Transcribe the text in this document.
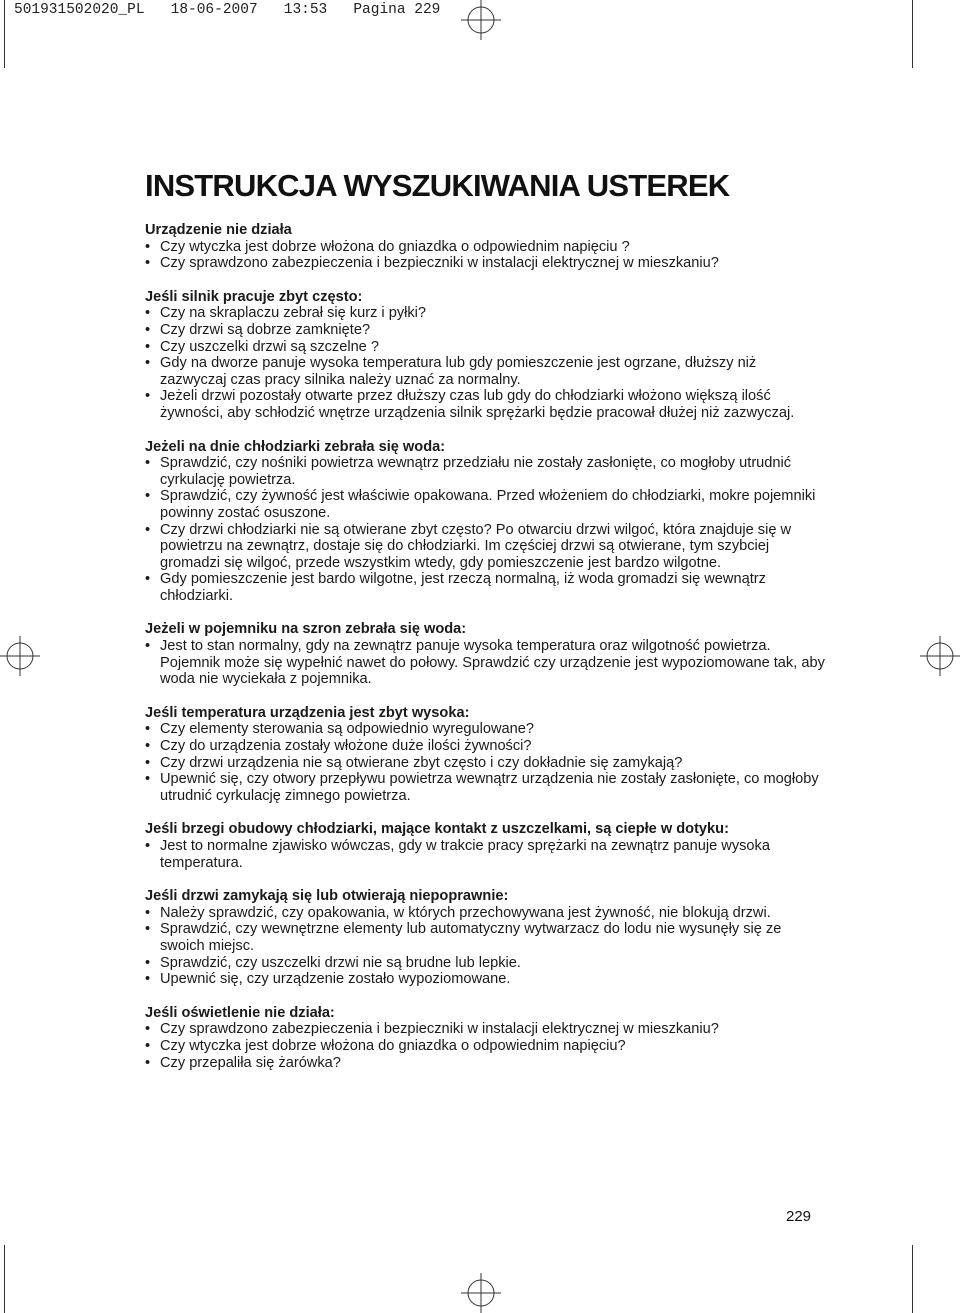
501931502020_PL   18-06-2007   13:53   Pagina 229
INSTRUKCJA WYSZUKIWANIA USTEREK

Urządzenie nie działa

• Czy wtyczka jest dobrze włożona do gniazdka o odpowiednim napięciu ?
• Czy sprawdzono zabezpieczenia i bezpieczniki w instalacji elektrycznej w mieszkaniu?

Jeśli silnik pracuje zbyt często:

• Czy na skraplaczu zebrał się kurz i pyłki?
• Czy drzwi są dobrze zamknięte?
• Czy uszczelki drzwi są szczelne ?
• Gdy na dworze panuje wysoka temperatura lub gdy pomieszczenie jest ogrzane, dłuższy niż zazwyczaj czas pracy silnika należy uznać za normalny.
• Jeżeli drzwi pozostały otwarte przez dłuższy czas lub gdy do chłodziarki włożono większą ilość żywności, aby schłodzić wnętrze urządzenia silnik sprężarki będzie pracował dłużej niż zazwyczaj.

Jeżeli na dnie chłodziarki zebrała się woda:

• Sprawdzić, czy nośniki powietrza wewnątrz przedziału nie zostały zasłonięte, co mogłoby utrudnić cyrkulację powietrza.
• Sprawdzić, czy żywność jest właściwie opakowana. Przed włożeniem do chłodziarki, mokre pojemniki powinny zostać osuszone.
• Czy drzwi chłodziarki nie są otwierane zbyt często? Po otwarciu drzwi wilgoć, która znajduje się w powietrzu na zewnątrz, dostaje się do chłodziarki. Im częściej drzwi są otwierane, tym szybciej gromadzi się wilgoć, przede wszystkim wtedy, gdy pomieszczenie jest bardzo wilgotne.
• Gdy pomieszczenie jest bardo wilgotne, jest rzeczą normalną, iż woda gromadzi się wewnątrz chłodziarki.

Jeżeli w pojemniku na szron zebrała się woda:

• Jest to stan normalny, gdy na zewnątrz panuje wysoka temperatura oraz wilgotność powietrza. Pojemnik może się wypełnić nawet do połowy. Sprawdzić czy urządzenie jest wypoziomowane tak, aby woda nie wyciekała z pojemnika.

Jeśli temperatura urządzenia jest zbyt wysoka:

• Czy elementy sterowania są odpowiednio wyregulowane?
• Czy do urządzenia zostały włożone duże ilości żywności?
• Czy drzwi urządzenia nie są otwierane zbyt często i czy dokładnie się zamykają?
• Upewnić się, czy otwory przepływu powietrza wewnątrz urządzenia nie zostały zasłonięte, co mogłoby utrudnić cyrkulację zimnego powietrza.

Jeśli brzegi obudowy chłodziarki, mające kontakt z uszczelkami, są ciepłe w dotyku:

• Jest to normalne zjawisko wówczas, gdy w trakcie pracy sprężarki na zewnątrz panuje wysoka temperatura.

Jeśli drzwi zamykają się lub otwierają niepoprawnie:

• Należy sprawdzić, czy opakowania, w których przechowywana jest żywność, nie blokują drzwi.
• Sprawdzić, czy wewnętrzne elementy lub automatyczny wytwarzacz do lodu nie wysunęły się ze swoich miejsc.
• Sprawdzić, czy uszczelki drzwi nie są brudne lub lepkie.
• Upewnić się, czy urządzenie zostało wypoziomowane.

Jeśli oświetlenie nie działa:

• Czy sprawdzono zabezpieczenia i bezpieczniki w instalacji elektrycznej w mieszkaniu?
• Czy wtyczka jest dobrze włożona do gniazdka o odpowiednim napięciu?
• Czy przepaliła się żarówka?
229
